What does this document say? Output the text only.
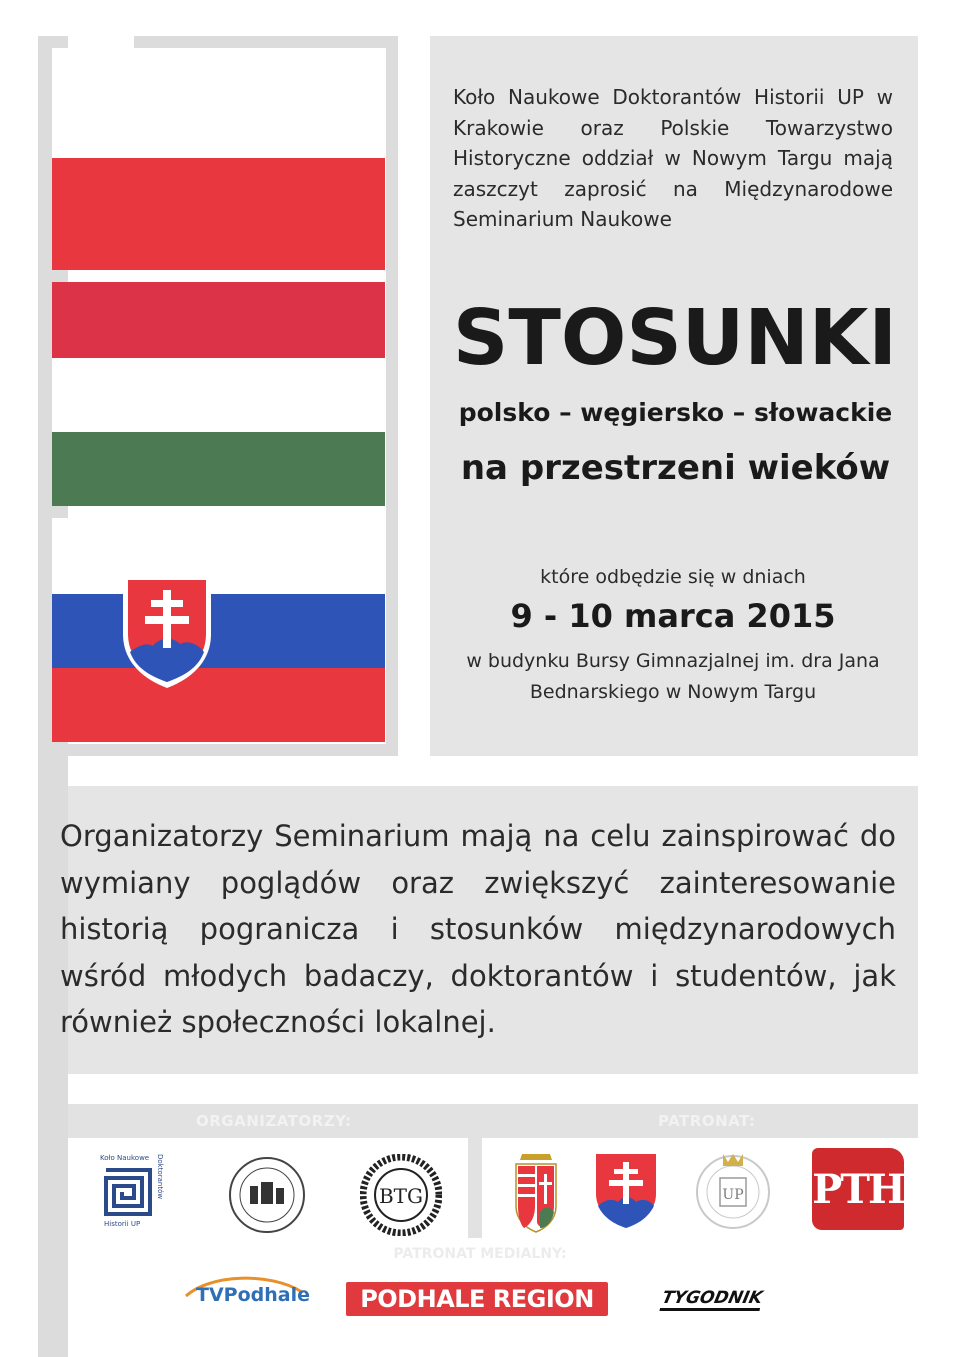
Koło Naukowe Doktorantów Historii UP w Krakowie oraz Polskie Towarzystwo Historyczne oddział w Nowym Targu mają zaszczyt zaprosić na Międzynarodowe Seminarium Naukowe
STOSUNKI
polsko – węgiersko – słowackie
na przestrzeni wieków
które odbędzie się w dniach
9 - 10 marca 2015
w budynku Bursy Gimnazjalnej im. dra Jana Bednarskiego w Nowym Targu
Organizatorzy Seminarium mają na celu zainspirować do wymiany poglądów oraz zwiększyć zainteresowanie historią pogranicza i stosunków międzynarodowych wśród młodych badaczy, doktorantów i studentów, jak również społeczności lokalnej.
ORGANIZATORZY:	PATRONAT:
Koło Naukowe Doktorantów
Historii UP
BTG	UP PTH
PATRONAT MEDIALNY:
TVPodhale PODHALE REGION	TYGODNIK
